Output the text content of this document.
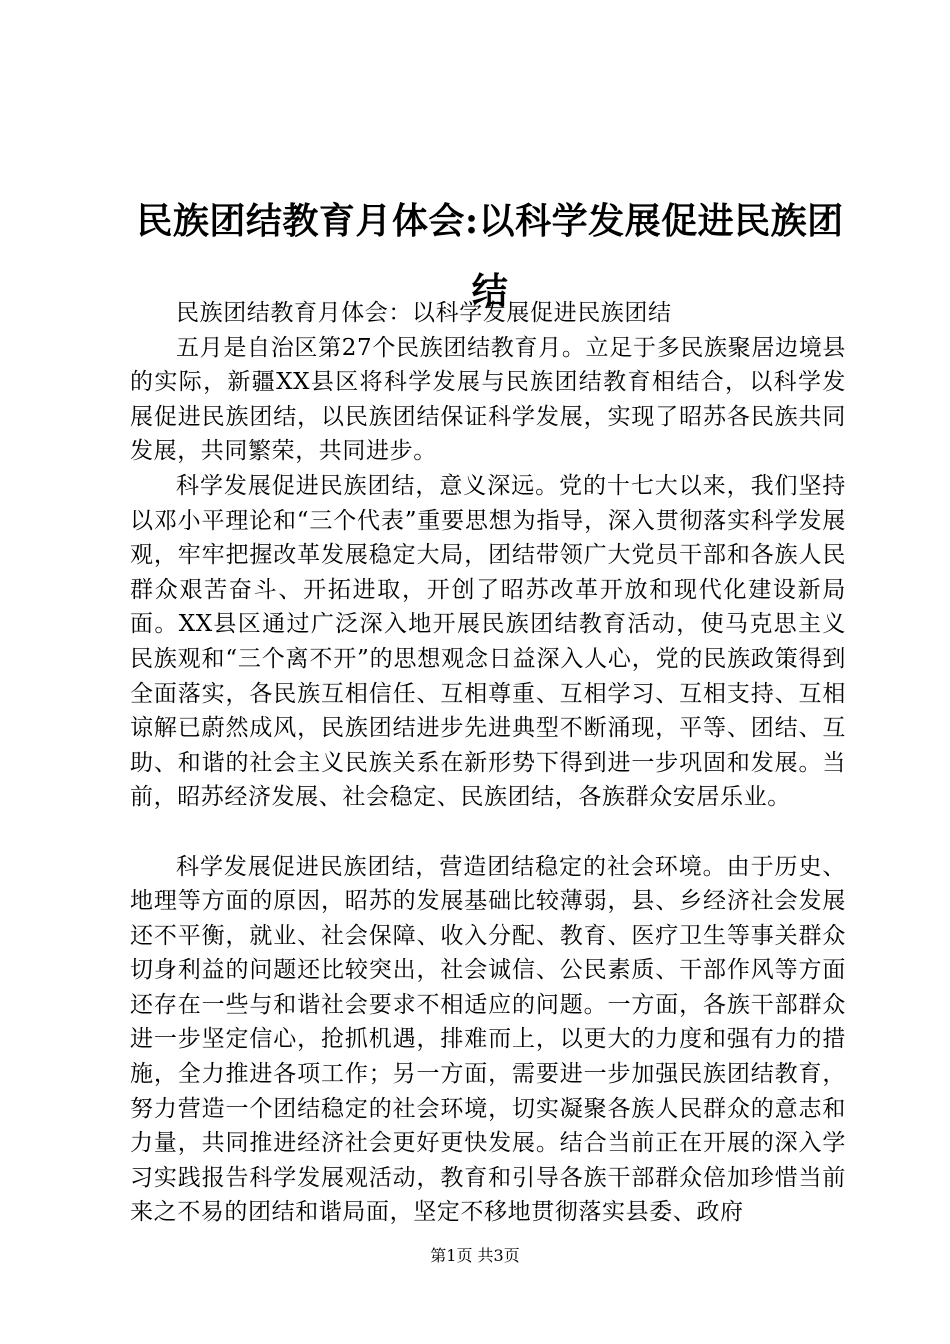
民族团结教育月体会:以科学发展促进民族团结

民族团结教育月体会：以科学发展促进民族团结

五月是自治区第27个民族团结教育月。立足于多民族聚居边境县的实际，新疆XX县区将科学发展与民族团结教育相结合，以科学发展促进民族团结，以民族团结保证科学发展，实现了昭苏各民族共同发展，共同繁荣，共同进步。

科学发展促进民族团结，意义深远。党的十七大以来，我们坚持以邓小平理论和“三个代表”重要思想为指导，深入贯彻落实科学发展观，牢牢把握改革发展稳定大局，团结带领广大党员干部和各族人民群众艰苦奋斗、开拓进取，开创了昭苏改革开放和现代化建设新局面。XX县区通过广泛深入地开展民族团结教育活动，使马克思主义民族观和“三个离不开”的思想观念日益深入人心，党的民族政策得到全面落实，各民族互相信任、互相尊重、互相学习、互相支持、互相谅解已蔚然成风，民族团结进步先进典型不断涌现，平等、团结、互助、和谐的社会主义民族关系在新形势下得到进一步巩固和发展。当前，昭苏经济发展、社会稳定、民族团结，各族群众安居乐业。

科学发展促进民族团结，营造团结稳定的社会环境。由于历史、地理等方面的原因，昭苏的发展基础比较薄弱，县、乡经济社会发展还不平衡，就业、社会保障、收入分配、教育、医疗卫生等事关群众切身利益的问题还比较突出，社会诚信、公民素质、干部作风等方面还存在一些与和谐社会要求不相适应的问题。一方面，各族干部群众进一步坚定信心，抢抓机遇，排难而上，以更大的力度和强有力的措施，全力推进各项工作；另一方面，需要进一步加强民族团结教育，努力营造一个团结稳定的社会环境，切实凝聚各族人民群众的意志和力量，共同推进经济社会更好更快发展。结合当前正在开展的深入学习实践报告科学发展观活动，教育和引导各族干部群众倍加珍惜当前来之不易的团结和谐局面，坚定不移地贯彻落实县委、政府

第1页 共3页
